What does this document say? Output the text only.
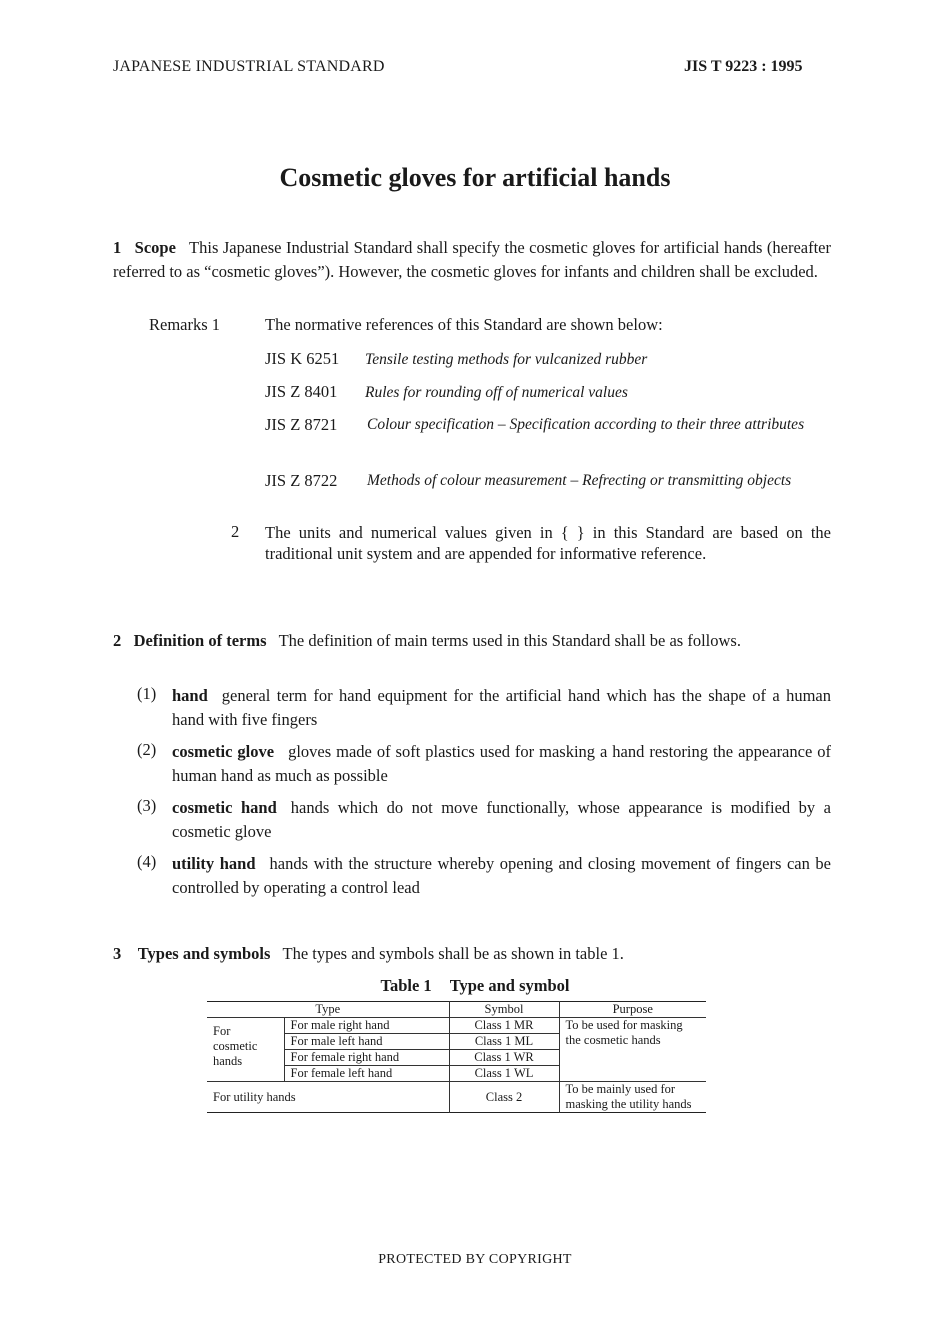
JAPANESE INDUSTRIAL STANDARD	JIS T 9223 : 1995
Cosmetic gloves for artificial hands
1 Scope This Japanese Industrial Standard shall specify the cosmetic gloves for artificial hands (hereafter referred to as “cosmetic gloves”). However, the cosmetic gloves for infants and children shall be excluded.
Remarks 1	The normative references of this Standard are shown below:
JIS K 6251 Tensile testing methods for vulcanized rubber
JIS Z 8401 Rules for rounding off of numerical values
JIS Z 8721	Colour specification – Specification according to their three attributes
JIS Z 8722	Methods of colour measurement – Refrecting or transmitting objects
2 The units and numerical values given in { } in this Standard are based on the traditional unit system and are appended for informative reference.
2 Definition of terms The definition of main terms used in this Standard shall be as follows.
(1) hand general term for hand equipment for the artificial hand which has the shape of a human hand with five fingers
(2) cosmetic glove gloves made of soft plastics used for masking a hand restoring the appearance of human hand as much as possible
(3) cosmetic hand hands which do not move functionally, whose appearance is modified by a cosmetic glove
(4) utility hand hands with the structure whereby opening and closing movement of fingers can be controlled by operating a control lead
3 Types and symbols The types and symbols shall be as shown in table 1.
Table 1 Type and symbol
Type		Symbol	Purpose
For cosmetic hands	For male right hand	Class 1 MR	To be used for masking the cosmetic hands
	For male left hand	Class 1 ML	
	For female right hand	Class 1 WR	
	For female left hand	Class 1 WL	
For utility hands		Class 2	To be mainly used for masking the utility hands
PROTECTED BY COPYRIGHT
